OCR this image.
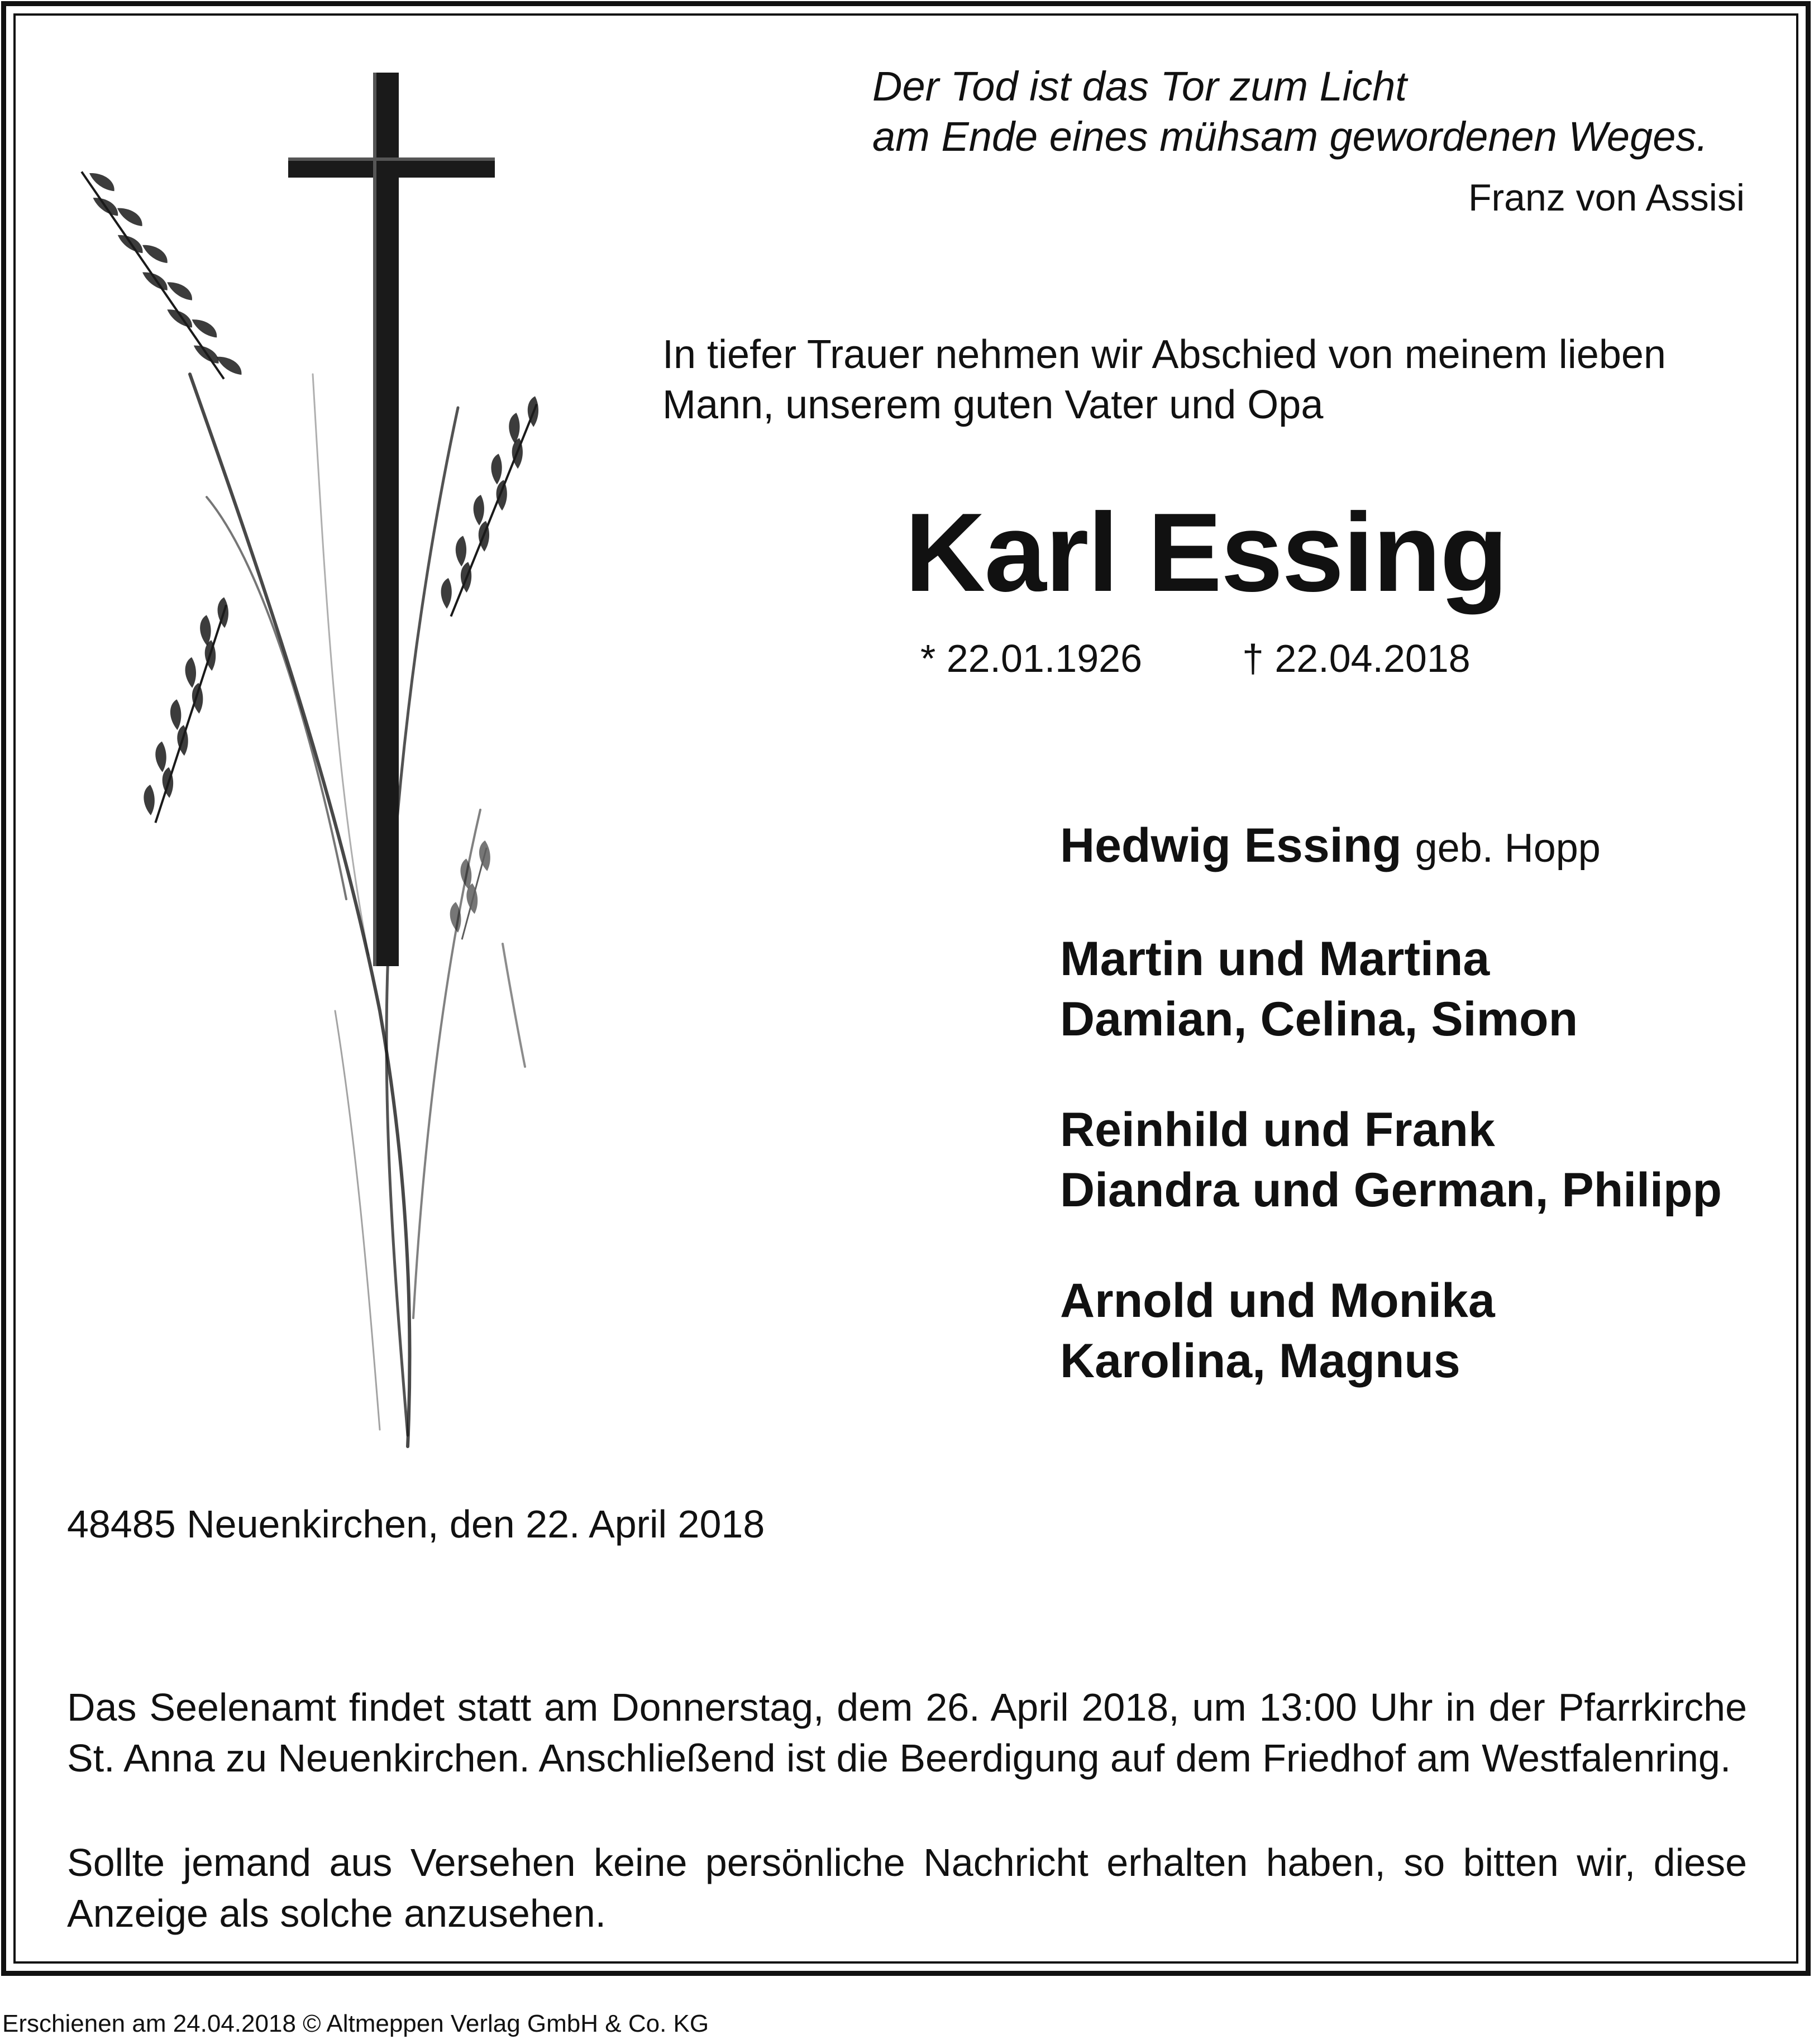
Der Tod ist das Tor zum Licht
am Ende eines mühsam gewordenen Weges.
Franz von Assisi
In tiefer Trauer nehmen wir Abschied von meinem lieben
Mann, unserem guten Vater und Opa
Karl Essing
* 22.01.1926	† 22.04.2018
Hedwig Essing geb. Hopp
Martin und Martina
Damian, Celina, Simon
Reinhild und Frank
Diandra und German, Philipp
Arnold und Monika
Karolina, Magnus
48485 Neuenkirchen, den 22. April 2018
Das Seelenamt findet statt am Donnerstag, dem 26. April 2018, um 13:00 Uhr in der Pfarrkirche St. Anna zu Neuenkirchen. Anschließend ist die Beerdigung auf dem Friedhof am Westfalenring.
Sollte jemand aus Versehen keine persönliche Nachricht erhalten haben, so bitten wir, diese Anzeige als solche anzusehen.
Erschienen am 24.04.2018 © Altmeppen Verlag GmbH & Co. KG
